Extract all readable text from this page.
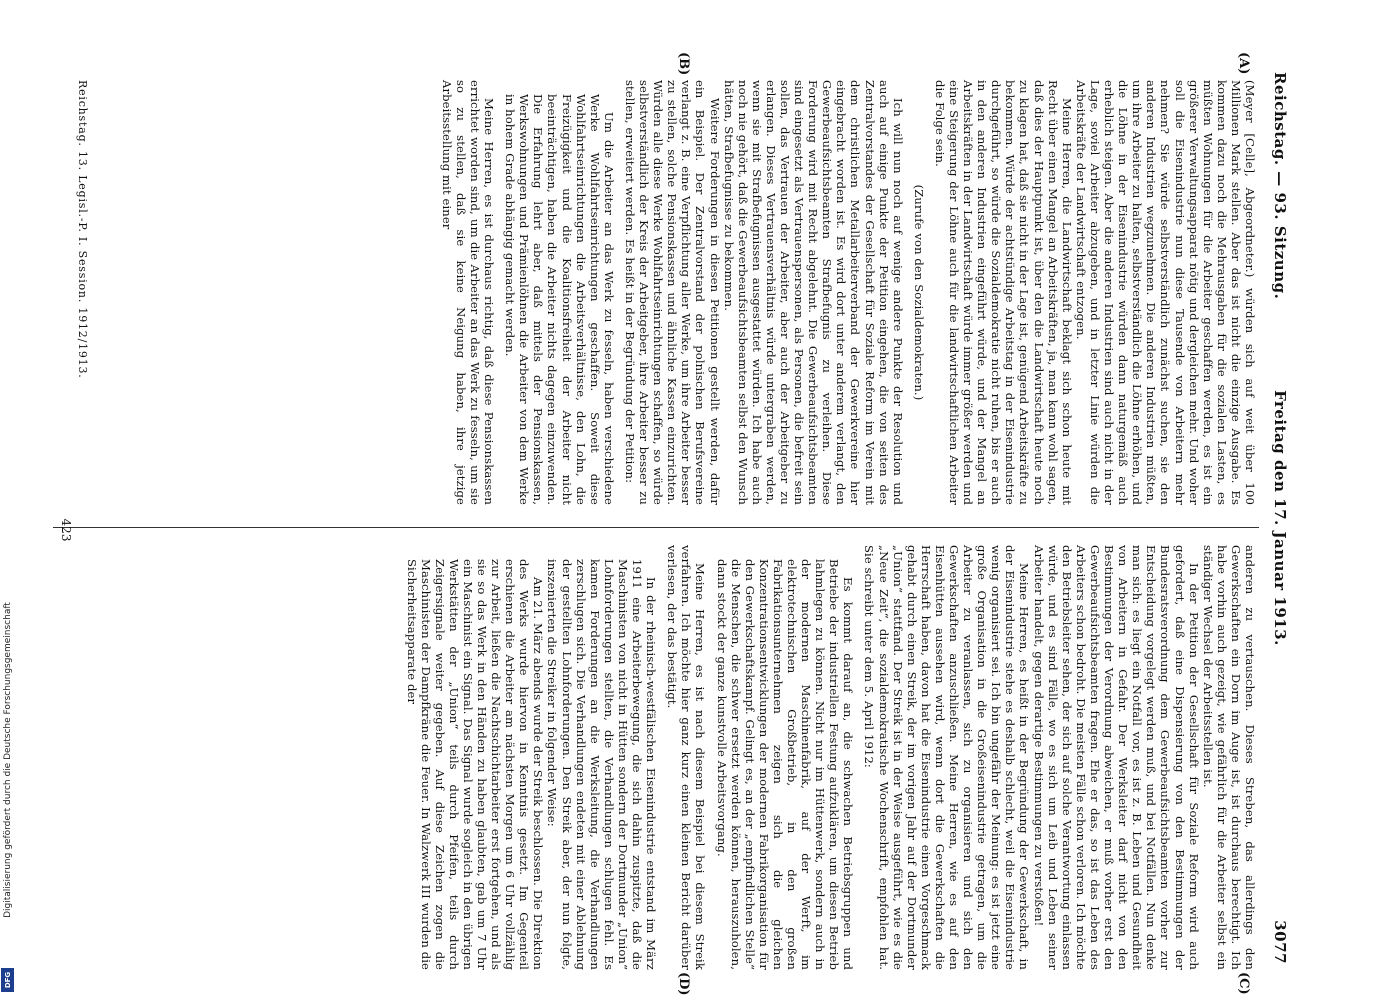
Reichstag. — 93. Sitzung.
Freitag den 17. Januar 1913.
3077
(A)
(B)
(C)
(D)

(Meyer [Celle], Abgeordneter.) würden sich auf weit über 100 Millionen Mark stellen. Aber das ist nicht die einzige Ausgabe. Es kommen dazu noch die Mehrausgaben für die sozialen Lasten, es müßten Wohnungen für die Arbeiter geschaffen werden, es ist ein größerer Verwaltungsapparat nötig und dergleichen mehr. Und woher soll die Eisenindustrie nun diese Tausende von Arbeitern mehr nehmen? Sie würde selbstverständlich zunächst suchen, sie den anderen Industrien wegzunehmen. Die anderen Industrien müßten, um ihre Arbeiter zu halten, selbstverständlich die Löhne erhöhen, und die Löhne in der Eisenindustrie würden dann naturgemäß auch erheblich steigen. Aber die anderen Industrien sind auch nicht in der Lage, soviel Arbeiter abzugeben, und in letzter Linie würden die Arbeitskräfte der Landwirtschaft entzogen.

Meine Herren, die Landwirtschaft beklagt sich schon heute mit Recht über einen Mangel an Arbeitskräften, ja, man kann wohl sagen, daß dies der Hauptpunkt ist, über den die Landwirtschaft heute noch zu klagen hat, daß sie nicht in der Lage ist, genügend Arbeitskräfte zu bekommen. Würde der achtstündige Arbeitstag in der Eisenindustrie durchgeführt, so würde die Sozialdemokratie nicht ruhen, bis er auch in den anderen Industrien eingeführt würde, und der Mangel an Arbeitskräften in der Landwirtschaft würde immer größer werden und eine Steigerung der Löhne auch für die landwirtschaftlichen Arbeiter die Folge sein.

(Zurufe von den Sozialdemokraten.)

Ich will nun noch auf wenige andere Punkte der Resolution und auch auf einige Punkte der Petition eingehen, die von seiten des Zentralvorstandes der Gesellschaft für Soziale Reform im Verein mit dem christlichen Metallarbeiterverband der Gewerkvereine hier eingebracht worden ist. Es wird dort unter anderem verlangt, den Gewerbeaufsichtsbeamten Strafbefugnis zu verleihen. Diese Forderung wird mit Recht abgelehnt. Die Gewerbeaufsichtsbeamten sind eingesetzt als Vertrauenspersonen, als Personen, die befreit sein sollen, das Vertrauen der Arbeiter, aber auch der Arbeitgeber zu erlangen. Dieses Vertrauensverhältnis würde untergraben werden, wenn sie mit Strafbefugnissen ausgestattet würden. Ich habe auch noch nie gehört, daß die Gewerbeaufsichtsbeamten selbst den Wunsch hätten, Strafbefugnisse zu bekommen.

Weitere Forderungen in diesen Petitionen gestellt werden, dafür ein Beispiel. Der Zentralvorstand der polnischen Berufsvereine verlangt z. B. eine Verpflichtung aller Werke, um ihre Arbeiter besser zu stellen, solche Pensionskassen und ähnliche Kassen einzurichten. Würden alle diese Werke Wohlfahrtseinrichtungen schaffen, so würde selbstverständlich der Kreis der Arbeitgeber, ihre Arbeiter besser zu stellen, erweitert werden. Es heißt in der Begründung der Petition:

Um die Arbeiter an das Werk zu fesseln, haben verschiedene Werke Wohlfahrtseinrichtungen geschaffen. Soweit diese Wohlfahrtseinrichtungen die Arbeitsverhältnisse, den Lohn, die Freizügigkeit und die Koalitionsfreiheit der Arbeiter nicht beeinträchtigen, haben die Arbeiter nichts dagegen einzuwenden. Die Erfahrung lehrt aber, daß mittels der Pensionskassen, Werkswohnungen und Prämienlöhnen die Arbeiter von dem Werke in hohem Grade abhängig gemacht werden.

Meine Herren, es ist durchaus richtig, daß diese Pensionskassen errichtet worden sind, um die Arbeiter an das Werk zu fesseln, um sie so zu stellen, daß sie keine Neigung haben, ihre jetzige Arbeitsstellung mit einer

anderen zu vertauschen. Dieses Streben, das allerdings den Gewerkschaften ein Dorn im Auge ist, ist durchaus berechtigt. Ich habe vorhin auch gezeigt, wie gefährlich für die Arbeiter selbst ein ständiger Wechsel der Arbeitsstellen ist.

In der Petition der Gesellschaft für Soziale Reform wird auch gefordert, daß eine Dispensierung von den Bestimmungen der Bundesratsverordnung dem Gewerbeaufsichtsbeamten vorher zur Entscheidung vorgelegt werden muß, und bei Notfällen. Nun denke man sich: es liegt ein Notfall vor, es ist z. B. Leben und Gesundheit von Arbeitern in Gefahr. Der Werksleiter darf nicht von den Bestimmungen der Verordnung abweichen, er muß vorher erst den Gewerbeaufsichtsbeamten fragen. Ehe er das, so ist das Leben des Arbeiters schon bedroht. Die meisten Fälle schon verloren. Ich möchte den Betriebsleiter sehen, der sich auf solche Verantwortung einlassen würde, und es sind Fälle, wo es sich um Leib und Leben seiner Arbeiter handelt, gegen derartige Bestimmungen zu verstoßen!

Meine Herren, es heißt in der Begründung der Gewerkschaft, in der Eisenindustrie stehe es deshalb schlecht, weil die Eisenindustrie wenig organisiert sei. Ich bin ungefähr der Meinung: es ist jetzt eine große Organisation in die Großeisenindustrie getragen, um die Arbeiter zu veranlassen, sich zu organisieren und sich den Gewerkschaften anzuschließen. Meine Herren, wie es auf den Eisenhütten aussehen wird, wenn dort die Gewerkschaften die Herrschaft haben, davon hat die Eisenindustrie einen Vorgeschmack gehabt durch einen Streik, der im vorigen Jahr auf der Dortmunder „Union“ stattfand. Der Streik ist in der Weise ausgeführt, wie es die „Neue Zeit“, die sozialdemokratische Wochenschrift, empfohlen hat. Sie schreibt unter dem 5. April 1912:

Es kommt darauf an, die schwachen Betriebsgruppen und Betriebe der industriellen Festung aufzuklären, um diesen Betrieb lahmlegen zu können. Nicht nur im Hüttenwerk, sondern auch in der modernen Maschinenfabrik, auf der Werft, im elektrotechnischen Großbetrieb, in den großen Fabrikationsunternehmen zeigen sich die gleichen Konzentrationsentwicklungen der modernen Fabrikorganisation für den Gewerkschaftskampf. Gelingt es, an der „empfindlichen Stelle“ die Menschen, die schwer ersetzt werden können, herauszuholen, dann stockt der ganze kunstvolle Arbeitsvorgang.

Meine Herren, es ist nach diesem Beispiel bei diesem Streik verfahren. Ich möchte hier ganz kurz einen kleinen Bericht darüber verlesen, der das bestätigt.

In der rheinisch-westfälischen Eisenindustrie entstand im März 1911 eine Arbeiterbewegung, die sich dahin zuspitzte, daß die Maschinisten von nicht in Hütten sondern der Dortmunder „Union“ Lohnforderungen stellten, die Verhandlungen schlugen fehl. Es kamen Forderungen an die Werksleitung, die Verhandlungen zerschlugen sich. Die Verhandlungen endeten mit einer Ablehnung der gestellten Lohnforderungen. Den Streik aber, der nun folgte, inszenierten die Streiker in folgender Weise:

Am 21. März abends wurde der Streik beschlossen. Die Direktion des Werks wurde hiervon in Kenntnis gesetzt. Im Gegenteil erschienen die Arbeiter am nächsten Morgen um 6 Uhr vollzählig zur Arbeit, ließen die Nachtschichtarbeiter erst fortgehen, und als sie so das Werk in den Händen zu haben glaubten, gab um 7 Uhr ein Maschinist ein Signal. Das Signal wurde sogleich in den übrigen Werkstätten der „Union“ teils durch Pfeifen, teils durch Zeigersignale weiter gegeben. Auf diese Zeichen zogen die Maschinisten der Dampfkräne die Feuer. In Walzwerk III wurden die Sicherheitsapparate der

Reichstag. 13. Legisl.-P. I. Session. 1912/1913.
423
Digitalisierung gefördert durch die Deutsche Forschungsgemeinschaft
DFG
